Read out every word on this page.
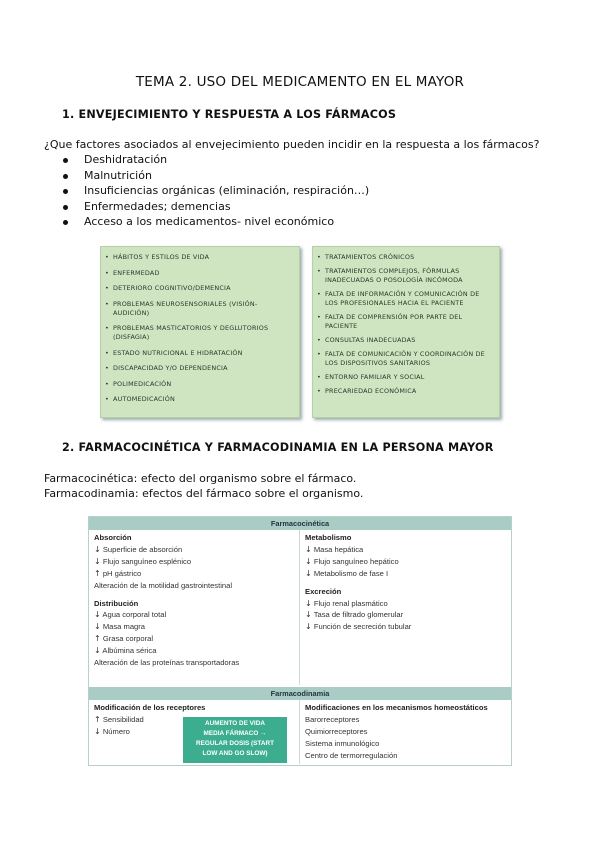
TEMA 2. USO DEL MEDICAMENTO EN EL MAYOR
1. ENVEJECIMIENTO Y RESPUESTA A LOS FÁRMACOS
¿Que factores asociados al envejecimiento pueden incidir en la respuesta a los fármacos?
Deshidratación
Malnutrición
Insuficiencias orgánicas (eliminación, respiración…)
Enfermedades; demencias
Acceso a los medicamentos- nivel económico
• HÁBITOS Y ESTILOS DE VIDA
• ENFERMEDAD
• DETERIORO COGNITIVO/DEMENCIA
• PROBLEMAS NEUROSENSORIALES (VISIÓN-AUDICIÓN)
• PROBLEMAS MASTICATORIOS Y DEGLUTORIOS (DISFAGIA)
• ESTADO NUTRICIONAL E HIDRATACIÓN
• DISCAPACIDAD Y/O DEPENDENCIA
• POLIMEDICACIÓN
• AUTOMEDICACIÓN
• TRATAMIENTOS CRÓNICOS
• TRATAMIENTOS COMPLEJOS, FÓRMULAS INADECUADAS O POSOLOGÍA INCÓMODA
• FALTA DE INFORMACIÓN Y COMUNICACIÓN DE LOS PROFESIONALES HACIA EL PACIENTE
• FALTA DE COMPRENSIÓN POR PARTE DEL PACIENTE
• CONSULTAS INADECUADAS
• FALTA DE COMUNICACIÓN Y COORDINACIÓN DE LOS DISPOSITIVOS SANITARIOS
• ENTORNO FAMILIAR Y SOCIAL
• PRECARIEDAD ECONÓMICA
2. FARMACOCINÉTICA Y FARMACODINAMIA EN LA PERSONA MAYOR
Farmacocinética: efecto del organismo sobre el fármaco.
Farmacodinamia: efectos del fármaco sobre el organismo.
Farmacocinética
Absorción
↓ Superficie de absorción
↓ Flujo sanguíneo esplénico
↑ pH gástrico
Alteración de la motilidad gastrointestinal
Distribución
↓ Agua corporal total
↓ Masa magra
↑ Grasa corporal
↓ Albúmina sérica
Alteración de las proteínas transportadoras
Metabolismo
↓ Masa hepática
↓ Flujo sanguíneo hepático
↓ Metabolismo de fase I
Excreción
↓ Flujo renal plasmático
↓ Tasa de filtrado glomerular
↓ Función de secreción tubular
Farmacodinamia
Modificación de los receptores
↑ Sensibilidad
↓ Número
Modificaciones en los mecanismos homeostáticos
Barorreceptores
Quimiorreceptores
Sistema inmunológico
Centro de termorregulación
AUMENTO DE VIDA
MEDIA FÁRMACO →
REGULAR DOSIS (START
LOW AND GO SLOW)
